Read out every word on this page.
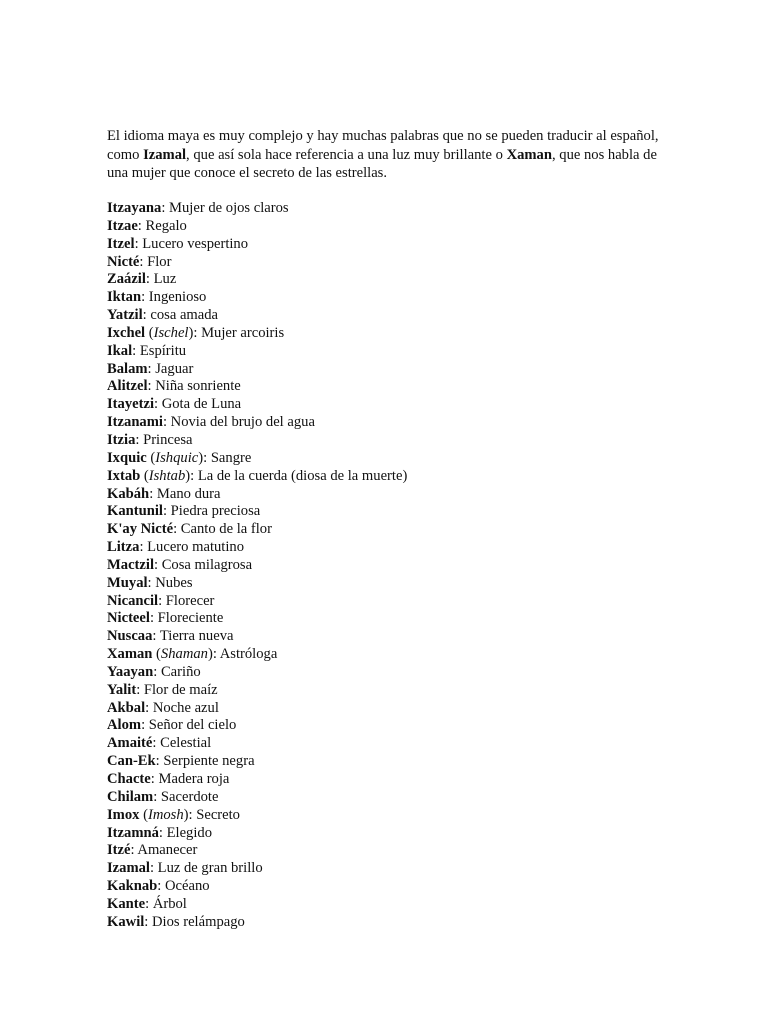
El idioma maya es muy complejo y hay muchas palabras que no se pueden traducir al español, como Izamal, que así sola hace referencia a una luz muy brillante o Xaman, que nos habla de una mujer que conoce el secreto de las estrellas.

Itzayana: Mujer de ojos claros
Itzae: Regalo
Itzel: Lucero vespertino
Nicté: Flor
Zaázil: Luz
Iktan: Ingenioso
Yatzil: cosa amada
Ixchel (Ischel): Mujer arcoiris
Ikal: Espíritu
Balam: Jaguar
Alitzel: Niña sonriente
Itayetzi: Gota de Luna
Itzanami: Novia del brujo del agua
Itzia: Princesa
Ixquic (Ishquic): Sangre
Ixtab (Ishtab): La de la cuerda (diosa de la muerte)
Kabáh: Mano dura
Kantunil: Piedra preciosa
K'ay Nicté: Canto de la flor
Litza: Lucero matutino
Mactzil: Cosa milagrosa
Muyal: Nubes
Nicancil: Florecer
Nicteel: Floreciente
Nuscaa: Tierra nueva
Xaman (Shaman): Astróloga
Yaayan: Cariño
Yalit: Flor de maíz
Akbal: Noche azul
Alom: Señor del cielo
Amaité: Celestial
Can-Ek: Serpiente negra
Chacte: Madera roja
Chilam: Sacerdote
Imox (Imosh): Secreto
Itzamná: Elegido
Itzé: Amanecer
Izamal: Luz de gran brillo
Kaknab: Océano
Kante: Árbol
Kawil: Dios relámpago
